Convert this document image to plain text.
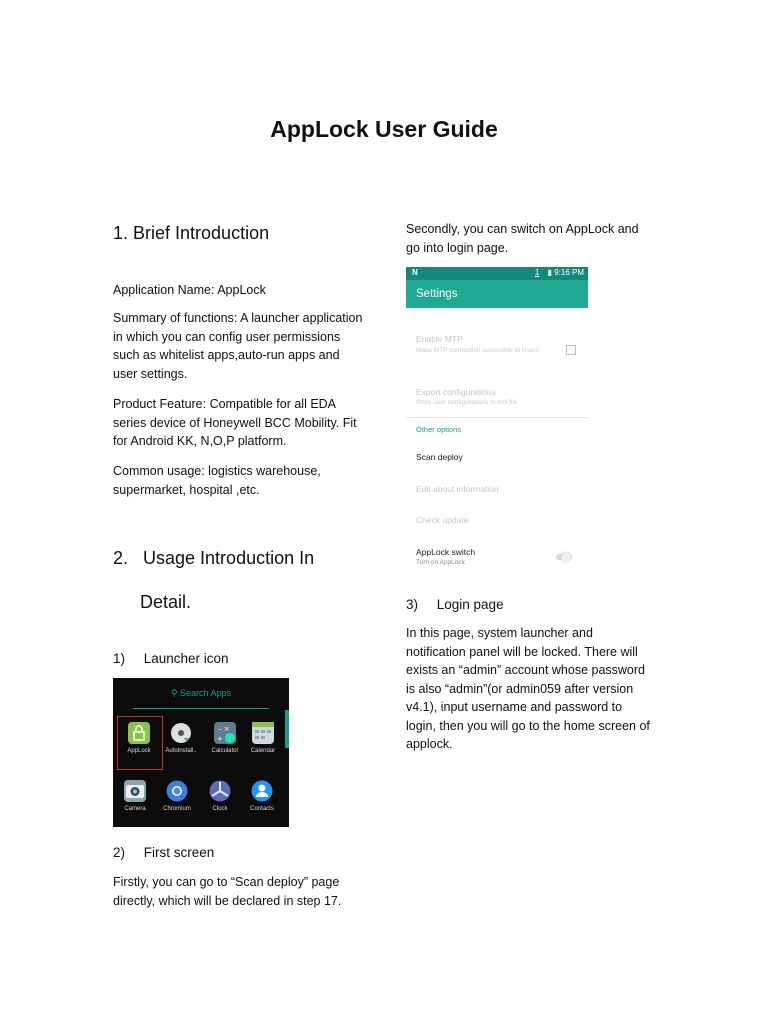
AppLock User Guide
1. Brief Introduction
Application Name: AppLock
Summary of functions: A launcher application in which you can config user permissions such as whitelist apps,auto-run apps and user settings.
Product Feature: Compatible for all EDA series device of Honeywell BCC Mobility. Fit for Android KK, N,O,P platform.
Common usage: logistics warehouse, supermarket, hospital ,etc.
2.   Usage Introduction In
Detail.
1)     Launcher icon
⚲ Search Apps
AppLock	AutoInstall..
– ×
+
Calculator	Calendar
Camera	Chromium	Clock	Contacts
2)     First screen
Firstly, you can go to “Scan deploy” page directly, which will be declared in step 17.
Secondly, you can switch on AppLock and go into login page.
N	1 ▮ 9:16 PM
Settings
Enable MTP
Make MTP connection accessible to Users
Export configurations
Store user configurations to xml file
Other options
Scan deploy
Edit about information
Check update
AppLock switch
Turn on AppLock
3)     Login page
In this page, system launcher and notification panel will be locked. There will exists an “admin” account whose password is also “admin”(or admin059 after version v4.1), input username and password to login, then you will go to the home screen of applock.
